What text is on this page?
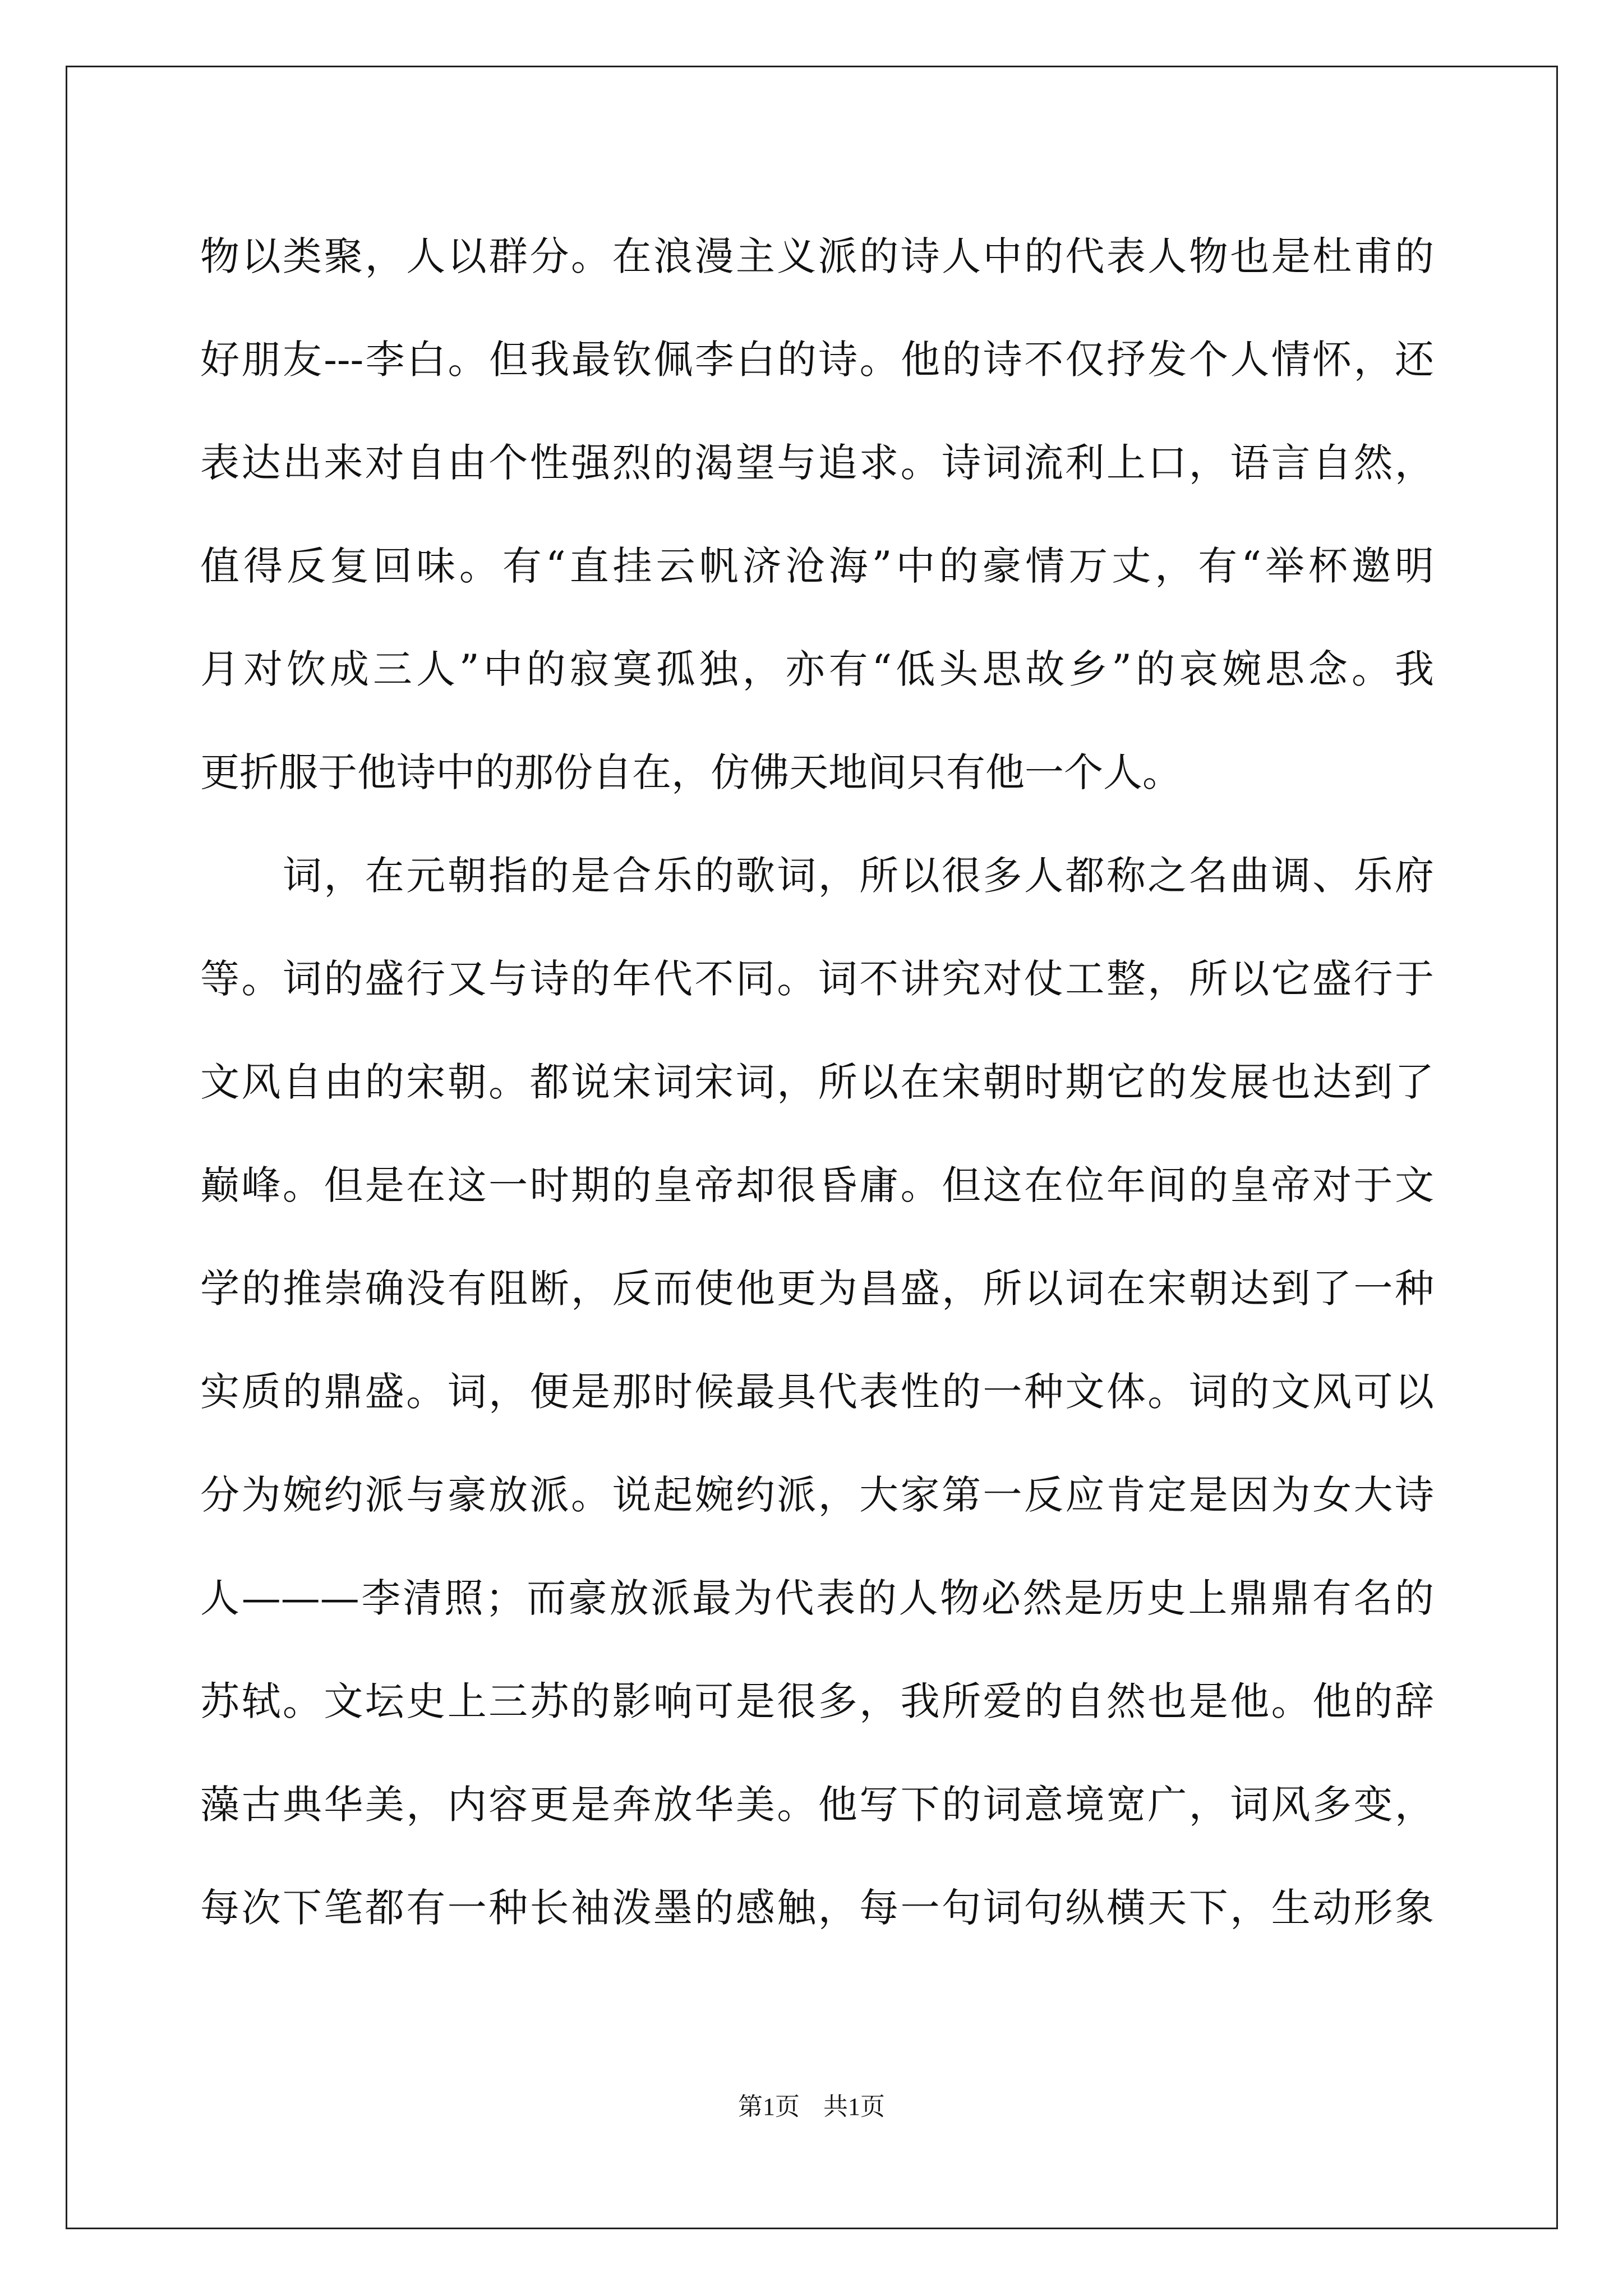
物以类聚，人以群分。在浪漫主义派的诗人中的代表人物也是杜甫的
好朋友---李白。但我最钦佩李白的诗。他的诗不仅抒发个人情怀，还
表达出来对自由个性强烈的渴望与追求。诗词流利上口，语言自然，
值得反复回味。有“直挂云帆济沧海”中的豪情万丈，有“举杯邀明
月对饮成三人”中的寂寞孤独，亦有“低头思故乡”的哀婉思念。我
更折服于他诗中的那份自在，仿佛天地间只有他一个人。
　　词，在元朝指的是合乐的歌词，所以很多人都称之名曲调、乐府
等。词的盛行又与诗的年代不同。词不讲究对仗工整，所以它盛行于
文风自由的宋朝。都说宋词宋词，所以在宋朝时期它的发展也达到了
巅峰。但是在这一时期的皇帝却很昏庸。但这在位年间的皇帝对于文
学的推崇确没有阻断，反而使他更为昌盛，所以词在宋朝达到了一种
实质的鼎盛。词，便是那时候最具代表性的一种文体。词的文风可以
分为婉约派与豪放派。说起婉约派，大家第一反应肯定是因为女大诗
人———李清照；而豪放派最为代表的人物必然是历史上鼎鼎有名的
苏轼。文坛史上三苏的影响可是很多，我所爱的自然也是他。他的辞
藻古典华美，内容更是奔放华美。他写下的词意境宽广，词风多变，
每次下笔都有一种长袖泼墨的感触，每一句词句纵横天下，生动形象
第1页 共1页
